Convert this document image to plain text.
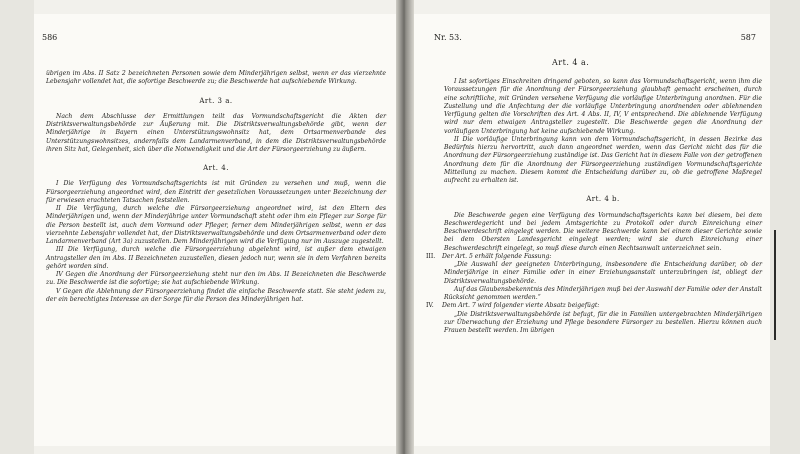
586

übrigen im Abs. II Satz 2 bezeichneten Personen sowie dem Minderjährigen selbst, wenn er das vierzehnte Lebensjahr vollendet hat, die sofortige Beschwerde zu; die Beschwerde hat aufschiebende Wirkung.

Art. 3 a.

Nach dem Abschlusse der Ermittlungen teilt das Vormundschaftsgericht die Akten der Distriktsverwaltungsbehörde zur Äußerung mit. Die Distriktsverwaltungsbehörde gibt, wenn der Minderjährige in Bayern einen Unterstützungswohnsitz hat, dem Ortsarmenverbande des Unterstützungswohnsitzes, andernfalls dem Landarmenverband, in dem die Distriktsverwaltungsbehörde ihren Sitz hat, Gelegenheit, sich über die Notwendigkeit und die Art der Fürsorgeerziehung zu äußern.

Art. 4.

I Die Verfügung des Vormundschaftsgerichts ist mit Gründen zu versehen und muß, wenn die Fürsorgeerziehung angeordnet wird, den Eintritt der gesetzlichen Voraussetzungen unter Bezeichnung der für erwiesen erachteten Tatsachen feststellen.

II Die Verfügung, durch welche die Fürsorgeerziehung angeordnet wird, ist den Eltern des Minderjährigen und, wenn der Minderjährige unter Vormundschaft steht oder ihm ein Pfleger zur Sorge für die Person bestellt ist, auch dem Vormund oder Pfleger, ferner dem Minderjährigen selbst, wenn er das vierzehnte Lebensjahr vollendet hat, der Distriktsverwaltungsbehörde und dem Ortsarmenverband oder dem Landarmenverband (Art 3a) zuzustellen. Dem Minderjährigen wird die Verfügung nur im Auszuge zugestellt.

III Die Verfügung, durch welche die Fürsorgeerziehung abgelehnt wird, ist außer dem etwaigen Antragsteller den im Abs. II Bezeichneten zuzustellen, diesen jedoch nur, wenn sie in dem Verfahren bereits gehört worden sind.

IV Gegen die Anordnung der Fürsorgeerziehung steht nur den im Abs. II Bezeichneten die Beschwerde zu. Die Beschwerde ist die sofortige; sie hat aufschiebende Wirkung.

V Gegen die Ablehnung der Fürsorgeerziehung findet die einfache Beschwerde statt. Sie steht jedem zu, der ein berechtigtes Interesse an der Sorge für die Person des Minderjährigen hat.

Nr. 53.	587
Art. 4 a.

I Ist sofortiges Einschreiten dringend geboten, so kann das Vormundschaftsgericht, wenn ihm die Voraussetzungen für die Anordnung der Fürsorgeerziehung glaubhaft gemacht erscheinen, durch eine schriftliche, mit Gründen versehene Verfügung die vorläufige Unterbringung anordnen. Für die Zustellung und die Anfechtung der die vorläufige Unterbringung anordnenden oder ablehnenden Verfügung gelten die Vorschriften des Art. 4 Abs. II, IV, V entsprechend. Die ablehnende Verfügung wird nur dem etwaigen Antragsteller zugestellt. Die Beschwerde gegen die Anordnung der vorläufigen Unterbringung hat keine aufschiebende Wirkung.

II Die vorläufige Unterbringung kann von dem Vormundschaftsgericht, in dessen Bezirke das Bedürfnis hierzu hervortritt, auch dann angeordnet werden, wenn das Gericht nicht das für die Anordnung der Fürsorgeerziehung zuständige ist. Das Gericht hat in diesem Falle von der getroffenen Anordnung dem für die Anordnung der Fürsorgeerziehung zuständigen Vormundschaftsgerichte Mitteilung zu machen. Diesem kommt die Entscheidung darüber zu, ob die getroffene Maßregel aufrecht zu erhalten ist.

Art. 4 b.

Die Beschwerde gegen eine Verfügung des Vormundschaftsgerichts kann bei diesem, bei dem Beschwerdegericht und bei jedem Amtsgerichte zu Protokoll oder durch Einreichung einer Beschwerdeschrift eingelegt werden. Die weitere Beschwerde kann bei einem dieser Gerichte sowie bei dem Obersten Landesgericht eingelegt werden; wird sie durch Einreichung einer Beschwerdeschrift eingelegt, so muß diese durch einen Rechtsanwalt unterzeichnet sein.

III. Der Art. 5 erhält folgende Fassung:

„Die Auswahl der geeigneten Unterbringung, insbesondere die Entscheidung darüber, ob der Minderjährige in einer Familie oder in einer Erziehungsanstalt unterzubringen ist, obliegt der Distriktsverwaltungsbehörde.

Auf das Glaubensbekenntnis des Minderjährigen muß bei der Auswahl der Familie oder der Anstalt Rücksicht genommen werden.“

IV. Dem Art. 7 wird folgender vierte Absatz beigefügt:

„Die Distriktsverwaltungsbehörde ist befugt, für die in Familien untergebrachten Minderjährigen zur Überwachung der Erziehung und Pflege besondere Fürsorger zu bestellen. Hierzu können auch Frauen bestellt werden. Im übrigen
